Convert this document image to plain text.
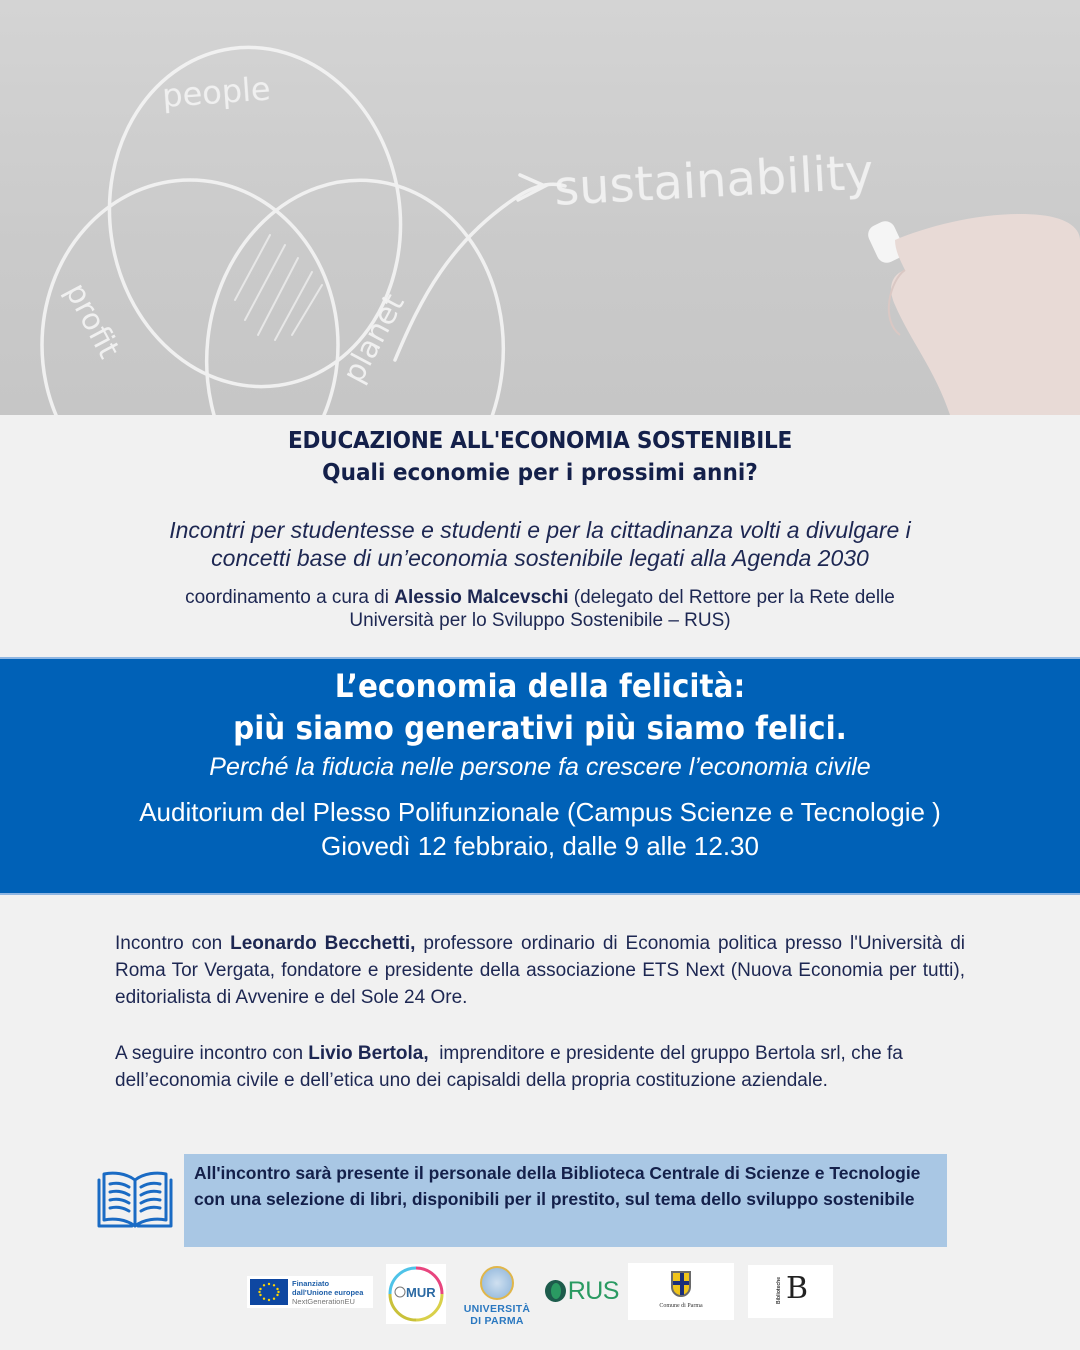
people
profit	planet
sustainability
EDUCAZIONE ALL'ECONOMIA SOSTENIBILE
Quali economie per i prossimi anni?
Incontri per studentesse e studenti e per la cittadinanza volti a divulgare i
concetti base di un’economia sostenibile legati alla Agenda 2030
coordinamento a cura di Alessio Malcevschi (delegato del Rettore per la Rete delle
Università per lo Sviluppo Sostenibile – RUS)
L’economia della felicità:
più siamo generativi più siamo felici.
Perché la fiducia nelle persone fa crescere l’economia civile
Auditorium del Plesso Polifunzionale (Campus Scienze e Tecnologie )
Giovedì 12 febbraio, dalle 9 alle 12.30
Incontro con Leonardo Becchetti, professore ordinario di Economia politica presso l'Università di Roma Tor Vergata, fondatore e presidente della associazione ETS Next (Nuova Economia per tutti), editorialista di Avvenire e del Sole 24 Ore.
A seguire incontro con Livio Bertola,  imprenditore e presidente del gruppo Bertola srl, che fa dell’economia civile e dell’etica uno dei capisaldi della propria costituzione aziendale.
All'incontro sarà presente il personale della Biblioteca Centrale di Scienze e Tecnologie con una selezione di libri, disponibili per il prestito, sul tema dello sviluppo sostenibile
Finanziato
dall'Unione europea
NextGenerationEU
MUR
UNIVERSITÀ
DI PARMA
RUS
Comune di Parma
Biblioteche B
